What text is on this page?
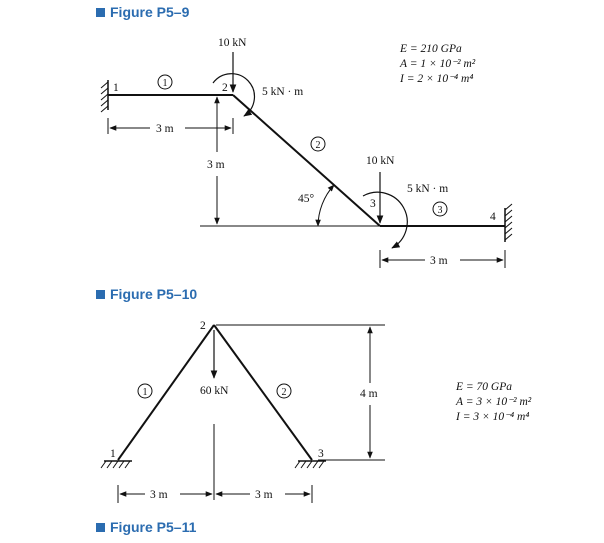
Figure P5–9
Figure P5–10
Figure P5–11
1	2
3
4
1
2
3
10 kN
5 kN · m
10 kN
5 kN · m
45°
3 m
3 m
3 m
E = 210 GPa
A = 1 × 10⁻² m²
I = 2 × 10⁻⁴ m⁴
1
2
3
1	2
60 kN	4 m
3 m	3 m
E = 70 GPa
A = 3 × 10⁻² m²
I = 3 × 10⁻⁴ m⁴
